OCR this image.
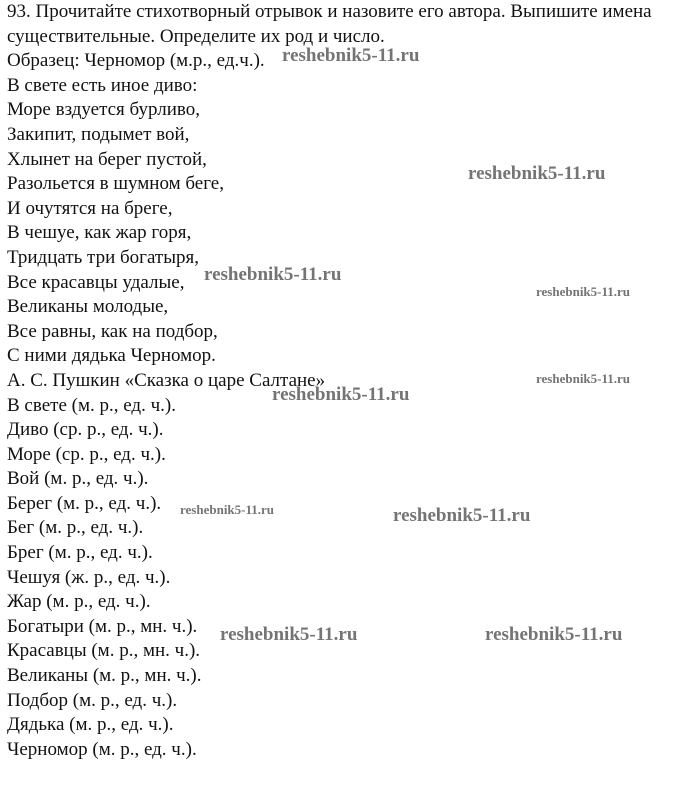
93. Прочитайте стихотворный отрывок и назовите его автора. Выпишите имена существительные. Определите их род и число.
Образец: Черномор (м.р., ед.ч.).
В свете есть иное диво:
Море вздуется бурливо,
Закипит, подымет вой,
Хлынет на берег пустой,
Разольется в шумном беге,
И очутятся на бреге,
В чешуе, как жар горя,
Тридцать три богатыря,
Все красавцы удалые,
Великаны молодые,
Все равны, как на подбор,
С ними дядька Черномор.
А. С. Пушкин «Сказка о царе Салтане»
В свете (м. р., ед. ч.).
Диво (ср. р., ед. ч.).
Море (ср. р., ед. ч.).
Вой (м. р., ед. ч.).
Берег (м. р., ед. ч.).
Бег (м. р., ед. ч.).
Брег (м. р., ед. ч.).
Чешуя (ж. р., ед. ч.).
Жар (м. р., ед. ч.).
Богатыри (м. р., мн. ч.).
Красавцы (м. р., мн. ч.).
Великаны (м. р., мн. ч.).
Подбор (м. р., ед. ч.).
Дядька (м. р., ед. ч.).
Черномор (м. р., ед. ч.).
reshebnik5-11.ru
reshebnik5-11.ru
reshebnik5-11.ru
reshebnik5-11.ru
reshebnik5-11.ru
reshebnik5-11.ru
reshebnik5-11.ru	reshebnik5-11.ru
reshebnik5-11.ru	reshebnik5-11.ru
